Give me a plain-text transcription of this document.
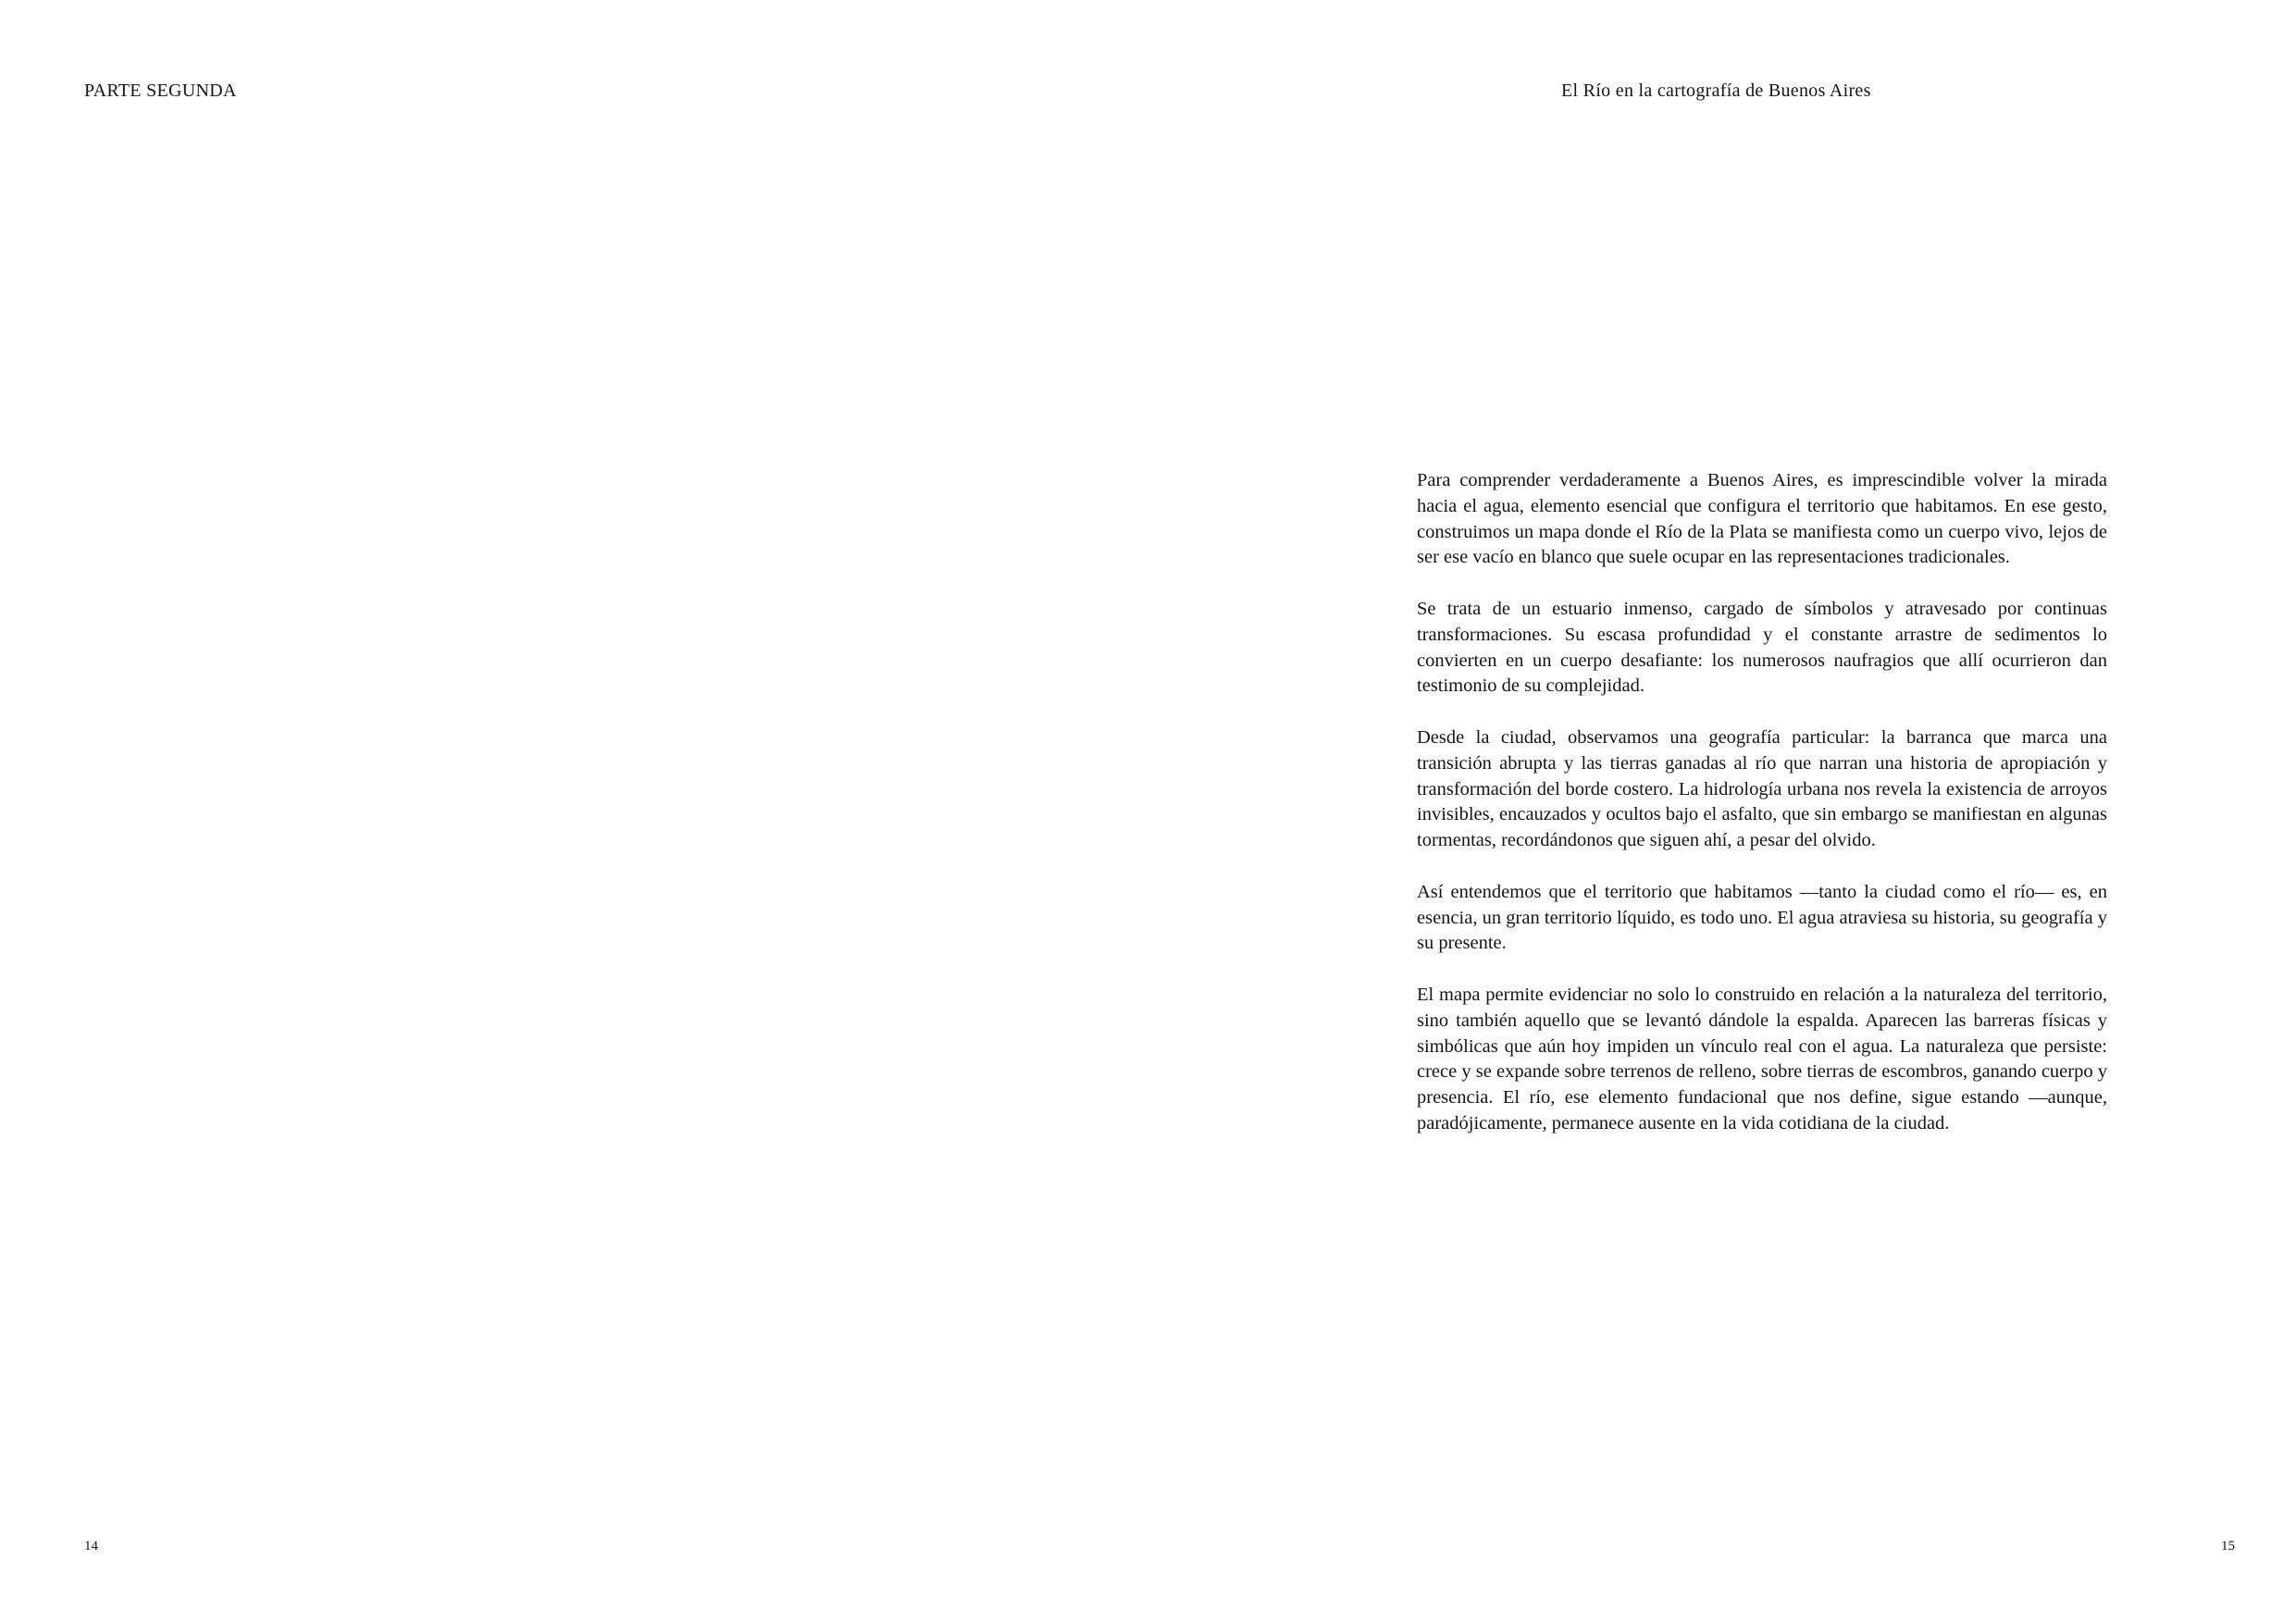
PARTE SEGUNDA
14
El Río en la cartografía de Buenos Aires

Para comprender verdaderamente a Buenos Aires, es imprescindible volver la mirada hacia el agua, elemento esencial que configura el territorio que habitamos. En ese gesto, construimos un mapa donde el Río de la Plata se manifiesta como un cuerpo vivo, lejos de ser ese vacío en blanco que suele ocupar en las representaciones tradicionales.

Se trata de un estuario inmenso, cargado de símbolos y atravesado por continuas transformaciones. Su escasa profundidad y el constante arrastre de sedimentos lo convierten en un cuerpo desafiante: los numerosos naufragios que allí ocurrieron dan testimonio de su complejidad.

Desde la ciudad, observamos una geografía particular: la barranca que marca una transición abrupta y las tierras ganadas al río que narran una historia de apropiación y transformación del borde costero. La hidrología urbana nos revela la existencia de arroyos invisibles, encauzados y ocultos bajo el asfalto, que sin embargo se manifiestan en algunas tormentas, recordándonos que siguen ahí, a pesar del olvido.

Así entendemos que el territorio que habitamos —tanto la ciudad como el río— es, en esencia, un gran territorio líquido, es todo uno. El agua atraviesa su historia, su geografía y su presente.

El mapa permite evidenciar no solo lo construido en relación a la naturaleza del territorio, sino también aquello que se levantó dándole la espalda. Aparecen las barreras físicas y simbólicas que aún hoy impiden un vínculo real con el agua. La naturaleza que persiste: crece y se expande sobre terrenos de relleno, sobre tierras de escombros, ganando cuerpo y presencia. El río, ese elemento fundacional que nos define, sigue estando —aunque, paradójicamente, permanece ausente en la vida cotidiana de la ciudad.

15
